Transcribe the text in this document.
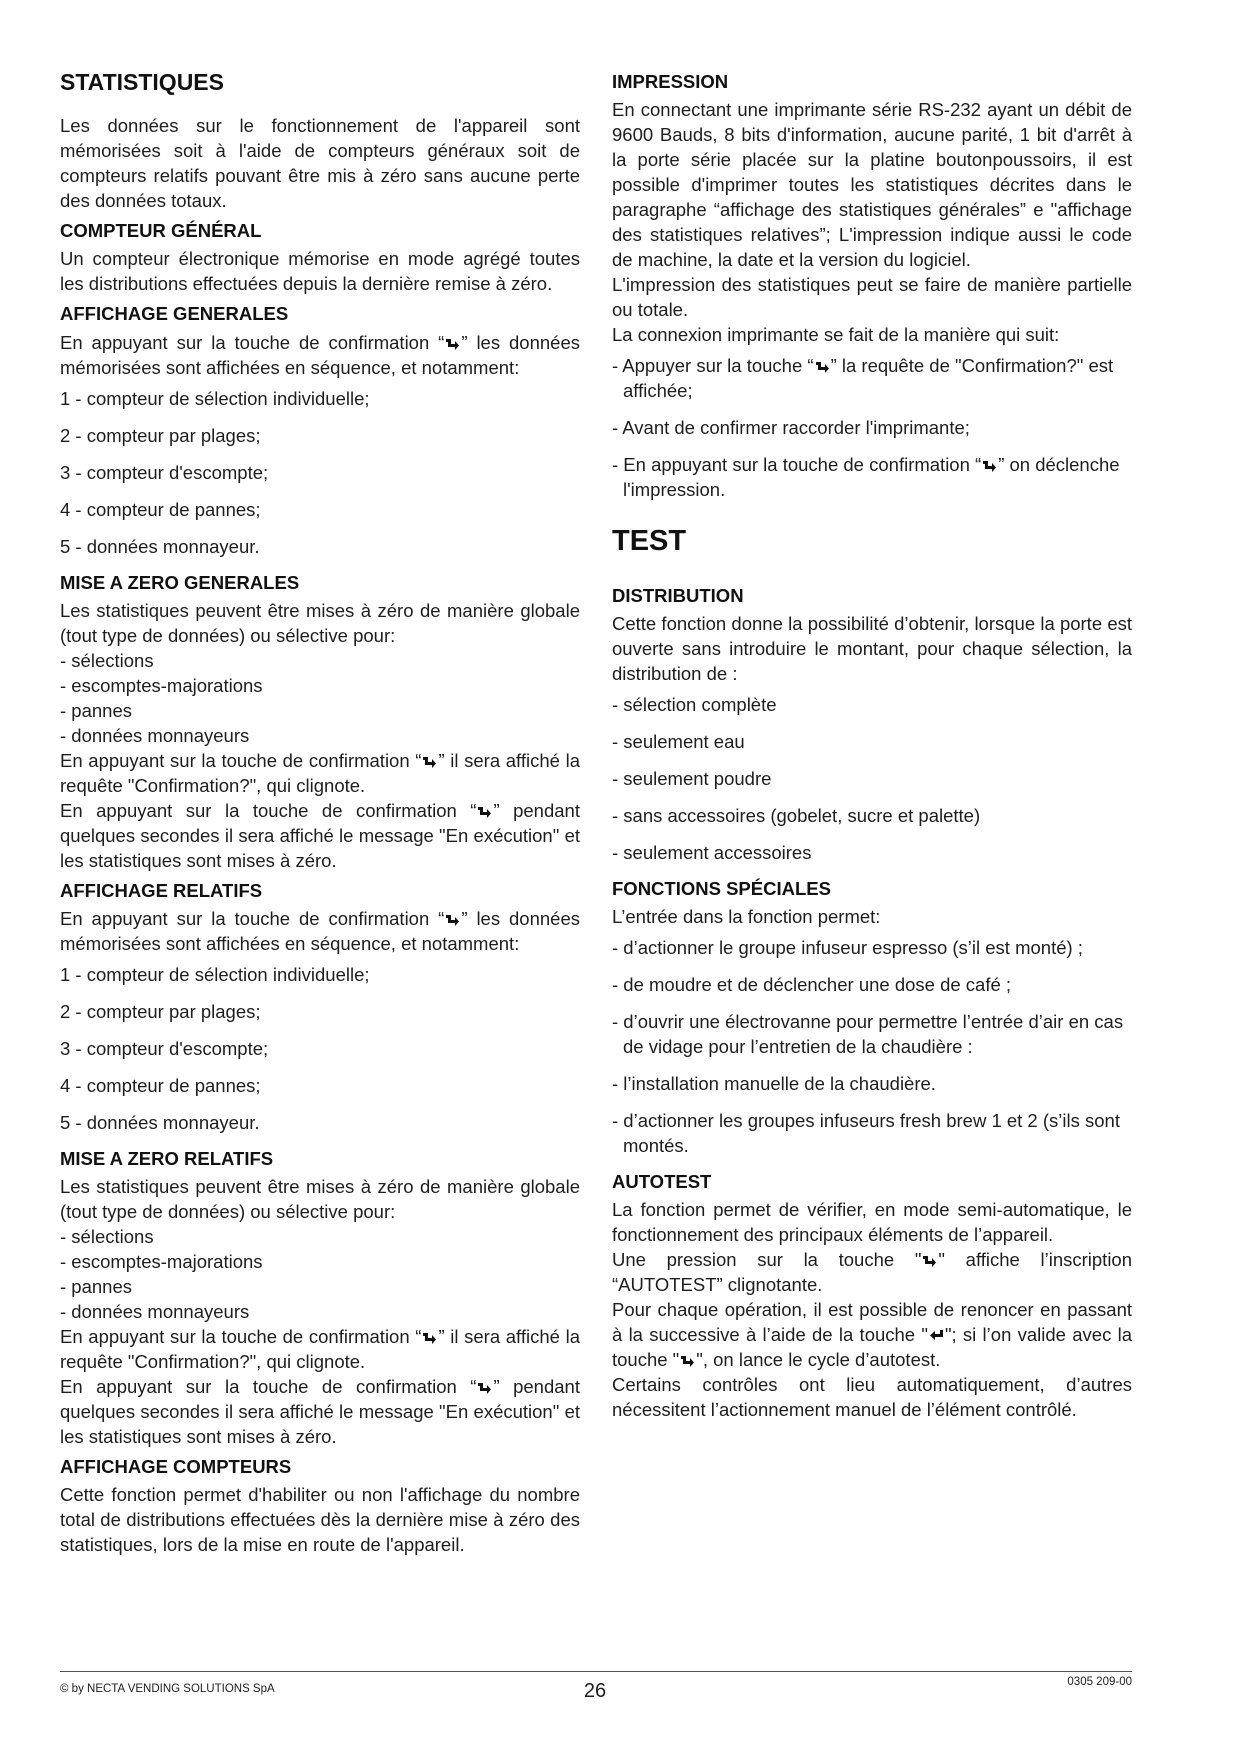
STATISTIQUES

Les données sur le fonctionnement de l'appareil sont mémorisées soit à l'aide de compteurs généraux soit de compteurs relatifs pouvant être mis à zéro sans aucune perte des données totaux.

COMPTEUR GÉNÉRAL

Un compteur électronique mémorise en mode agrégé toutes les distributions effectuées depuis la dernière remise à zéro.

AFFICHAGE GENERALES

En appuyant sur la touche de confirmation “ ” les données mémorisées sont affichées en séquence, et notamment:

1 - compteur de sélection individuelle;

2 - compteur par plages;

3 - compteur d'escompte;

4 - compteur de pannes;

5 - données monnayeur.

MISE A ZERO GENERALES

Les statistiques peuvent être mises à zéro de manière globale (tout type de données) ou sélective pour:

- sélections

- escomptes-majorations

- pannes

- données monnayeurs

En appuyant sur la touche de confirmation “ ” il sera affiché la requête "Confirmation?", qui clignote.

En appuyant sur la touche de confirmation “ ” pendant quelques secondes il sera affiché le message "En exécution" et les statistiques sont mises à zéro.

AFFICHAGE RELATIFS

En appuyant sur la touche de confirmation “ ” les données mémorisées sont affichées en séquence, et notamment:

1 - compteur de sélection individuelle;

2 - compteur par plages;

3 - compteur d'escompte;

4 - compteur de pannes;

5 - données monnayeur.

MISE A ZERO RELATIFS

Les statistiques peuvent être mises à zéro de manière globale (tout type de données) ou sélective pour:

- sélections

- escomptes-majorations

- pannes

- données monnayeurs

En appuyant sur la touche de confirmation “ ” il sera affiché la requête "Confirmation?", qui clignote.

En appuyant sur la touche de confirmation “ ” pendant quelques secondes il sera affiché le message "En exécution" et les statistiques sont mises à zéro.

AFFICHAGE COMPTEURS

Cette fonction permet d'habiliter ou non l'affichage du nombre total de distributions effectuées dès la dernière mise à zéro des statistiques, lors de la mise en route de l'appareil.

IMPRESSION

En connectant une imprimante série RS-232 ayant un débit de 9600 Bauds, 8 bits d'information, aucune parité, 1 bit d'arrêt à la porte série placée sur la platine boutonpoussoirs, il est possible d'imprimer toutes les statistiques décrites dans le paragraphe “affichage des statistiques générales” e "affichage des statistiques relatives”; L'impression indique aussi le code de machine, la date et la version du logiciel.

L'impression des statistiques peut se faire de manière partielle ou totale.

La connexion imprimante se fait de la manière qui suit:

- Appuyer sur la touche “ ” la requête de "Confirmation?" est affichée;

- Avant de confirmer raccorder l'imprimante;

- En appuyant sur la touche de confirmation “ ” on déclenche l'impression.

TEST
DISTRIBUTION

Cette fonction donne la possibilité d’obtenir, lorsque la porte est ouverte sans introduire le montant, pour chaque sélection, la distribution de :

- sélection complète

- seulement eau

- seulement poudre

- sans accessoires (gobelet, sucre et palette)

- seulement accessoires

FONCTIONS SPÉCIALES

L’entrée dans la fonction permet:

- d’actionner le groupe infuseur espresso (s’il est monté) ;

- de moudre et de déclencher une dose de café ;

- d’ouvrir une électrovanne pour permettre l’entrée d’air en cas de vidage pour l’entretien de la chaudière :

- l’installation manuelle de la chaudière.

- d’actionner les groupes infuseurs fresh brew 1 et 2 (s’ils sont montés.

AUTOTEST

La fonction permet de vérifier, en mode semi-automatique, le fonctionnement des principaux éléments de l’appareil.

Une pression sur la touche " " affiche l’inscription “AUTOTEST” clignotante.

Pour chaque opération, il est possible de renoncer en passant à la successive à l’aide de la touche " "; si l’on valide avec la touche " ", on lance le cycle d’autotest.

Certains contrôles ont lieu automatiquement, d’autres nécessitent l’actionnement manuel de l’élément contrôlé.

© by NECTA VENDING SOLUTIONS SpA	26	0305 209-00
